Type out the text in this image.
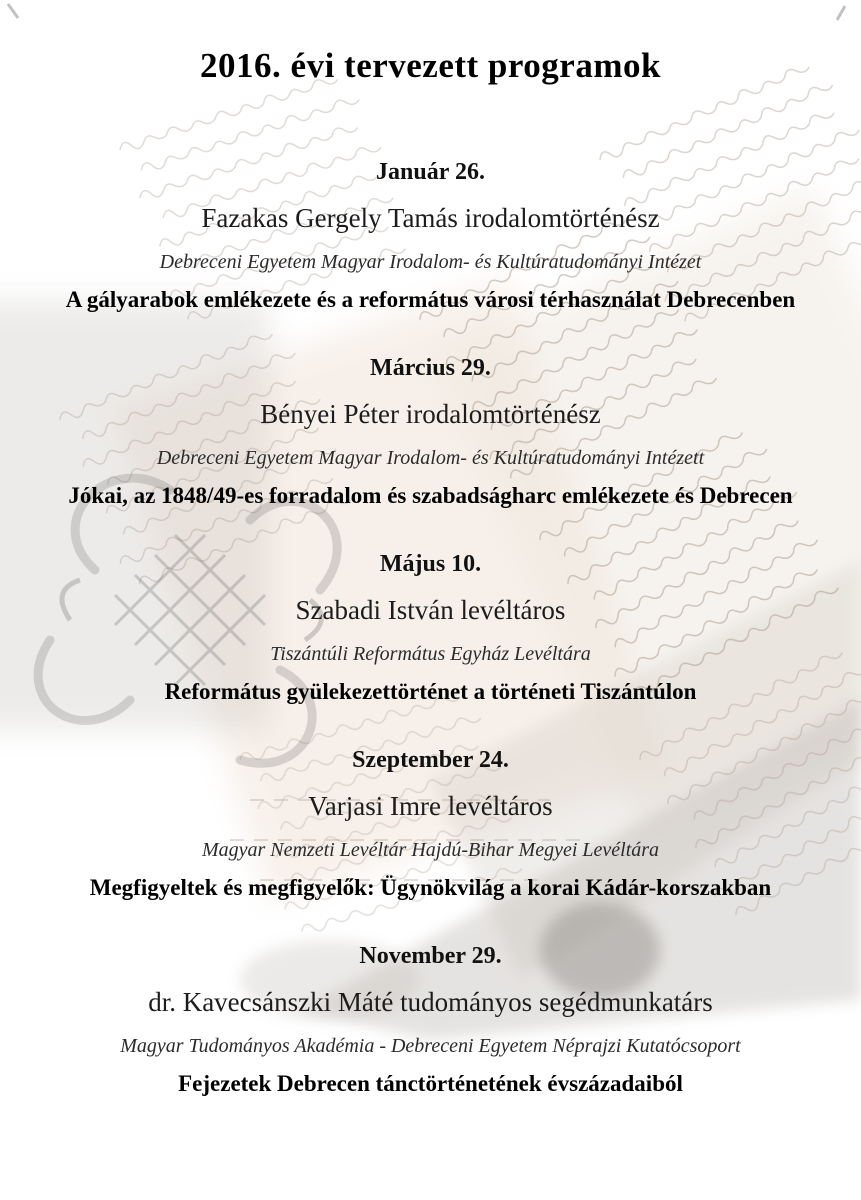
2016. évi tervezett programok
Január 26.

Fazakas Gergely Tamás irodalomtörténész

Debreceni Egyetem Magyar Irodalom- és Kultúratudományi Intézet

A gályarabok emlékezete és a református városi térhasználat Debrecenben

Március 29.

Bényei Péter irodalomtörténész

Debreceni Egyetem Magyar Irodalom- és Kultúratudományi Intézett

Jókai, az 1848/49-es forradalom és szabadságharc emlékezete és Debrecen

Május 10.

Szabadi István levéltáros

Tiszántúli Református Egyház Levéltára

Református gyülekezettörténet a történeti Tiszántúlon

Szeptember 24.

Varjasi Imre levéltáros

Magyar Nemzeti Levéltár Hajdú-Bihar Megyei Levéltára

Megfigyeltek és megfigyelők: Ügynökvilág a korai Kádár-korszakban

November 29.

dr. Kavecsánszki Máté tudományos segédmunkatárs

Magyar Tudományos Akadémia - Debreceni Egyetem Néprajzi Kutatócsoport

Fejezetek Debrecen tánctörténetének évszázadaiból
